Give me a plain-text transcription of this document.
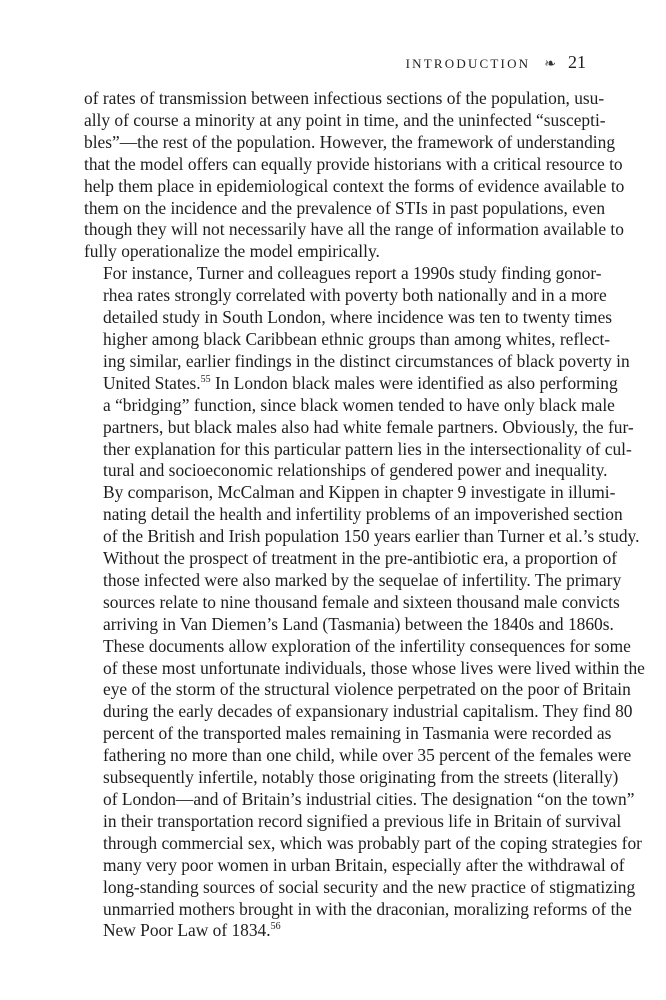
INTRODUCTION ❧ 21

of rates of transmission between infectious sections of the population, usu-
ally of course a minority at any point in time, and the uninfected “suscepti-
bles”—the rest of the population. However, the framework of understanding
that the model offers can equally provide historians with a critical resource to
help them place in epidemiological context the forms of evidence available to
them on the incidence and the prevalence of STIs in past populations, even
though they will not necessarily have all the range of information available to
fully operationalize the model empirically.

For instance, Turner and colleagues report a 1990s study finding gonor-
rhea rates strongly correlated with poverty both nationally and in a more
detailed study in South London, where incidence was ten to twenty times
higher among black Caribbean ethnic groups than among whites, reflect-
ing similar, earlier findings in the distinct circumstances of black poverty in
United States.$^{55}$ In London black males were identified as also performing
a “bridging” function, since black women tended to have only black male
partners, but black males also had white female partners. Obviously, the fur-
ther explanation for this particular pattern lies in the intersectionality of cul-
tural and socioeconomic relationships of gendered power and inequality.

By comparison, McCalman and Kippen in chapter 9 investigate in illumi-
nating detail the health and infertility problems of an impoverished section
of the British and Irish population 150 years earlier than Turner et al.’s study.
Without the prospect of treatment in the pre-antibiotic era, a proportion of
those infected were also marked by the sequelae of infertility. The primary
sources relate to nine thousand female and sixteen thousand male convicts
arriving in Van Diemen’s Land (Tasmania) between the 1840s and 1860s.
These documents allow exploration of the infertility consequences for some
of these most unfortunate individuals, those whose lives were lived within the
eye of the storm of the structural violence perpetrated on the poor of Britain
during the early decades of expansionary industrial capitalism. They find 80
percent of the transported males remaining in Tasmania were recorded as
fathering no more than one child, while over 35 percent of the females were
subsequently infertile, notably those originating from the streets (literally)
of London—and of Britain’s industrial cities. The designation “on the town”
in their transportation record signified a previous life in Britain of survival
through commercial sex, which was probably part of the coping strategies for
many very poor women in urban Britain, especially after the withdrawal of
long-standing sources of social security and the new practice of stigmatizing
unmarried mothers brought in with the draconian, moralizing reforms of the
New Poor Law of 1834.56
